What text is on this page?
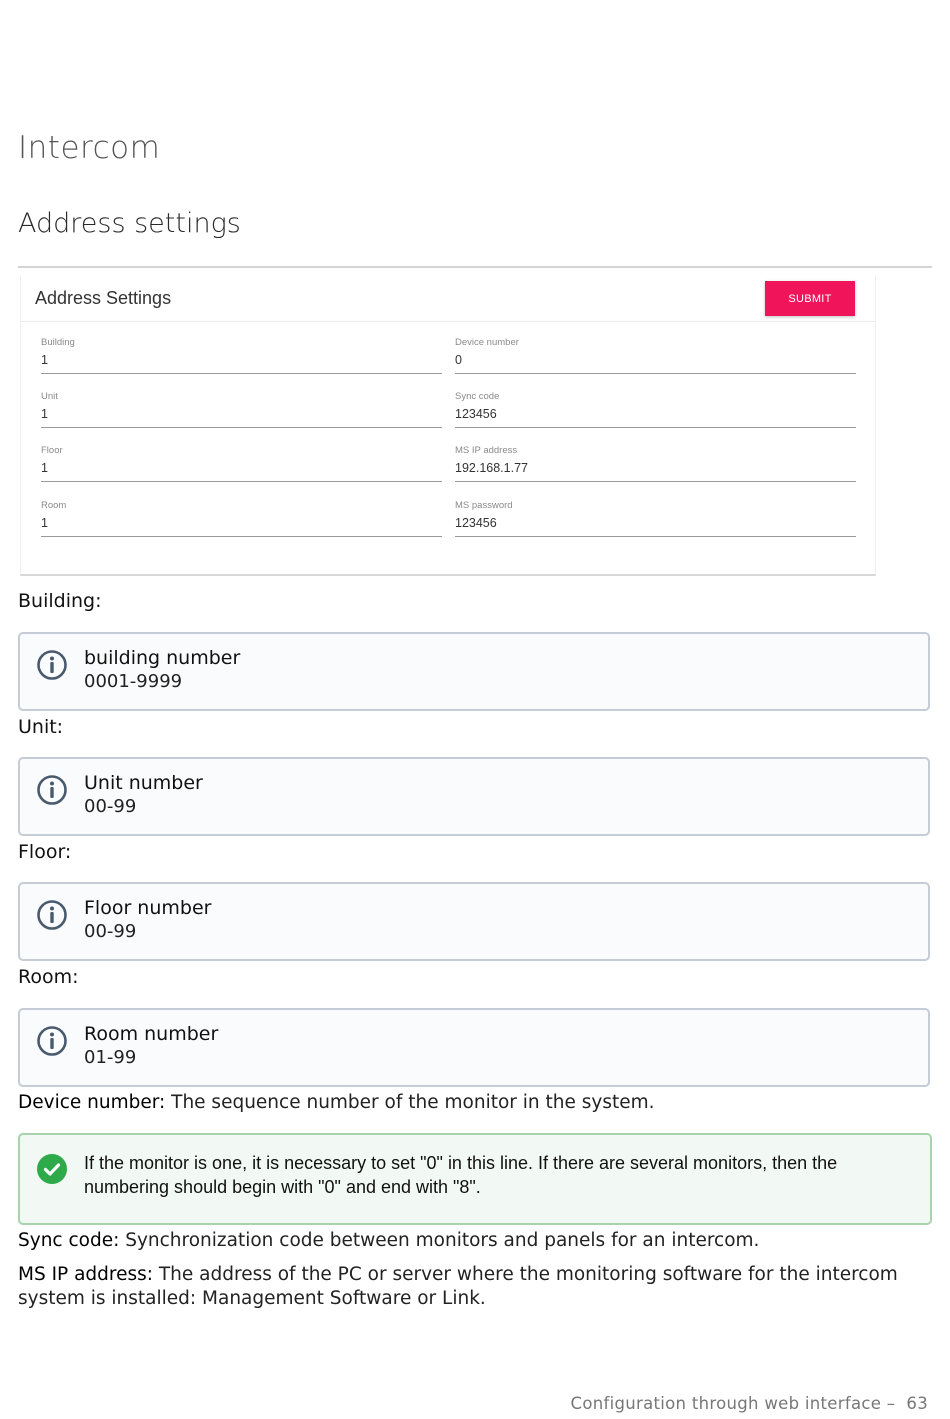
Intercom
Address settings
Address Settings	SUBMIT
Building
1
Unit
1
Floor
1
Room
1
Device number
0
Sync code
123456
MS IP address
192.168.1.77
MS password
123456
Building:
building number
0001-9999
Unit:
Unit number
00-99
Floor:
Floor number
00-99
Room:
Room number
01-99
Device number: The sequence number of the monitor in the system.
If the monitor is one, it is necessary to set "0" in this line. If there are several monitors, then the numbering should begin with "0" and end with "8".
Sync code: Synchronization code between monitors and panels for an intercom.
MS IP address: The address of the PC or server where the monitoring software for the intercom system is installed: Management Software or Link.
Configuration through web interface – 63
